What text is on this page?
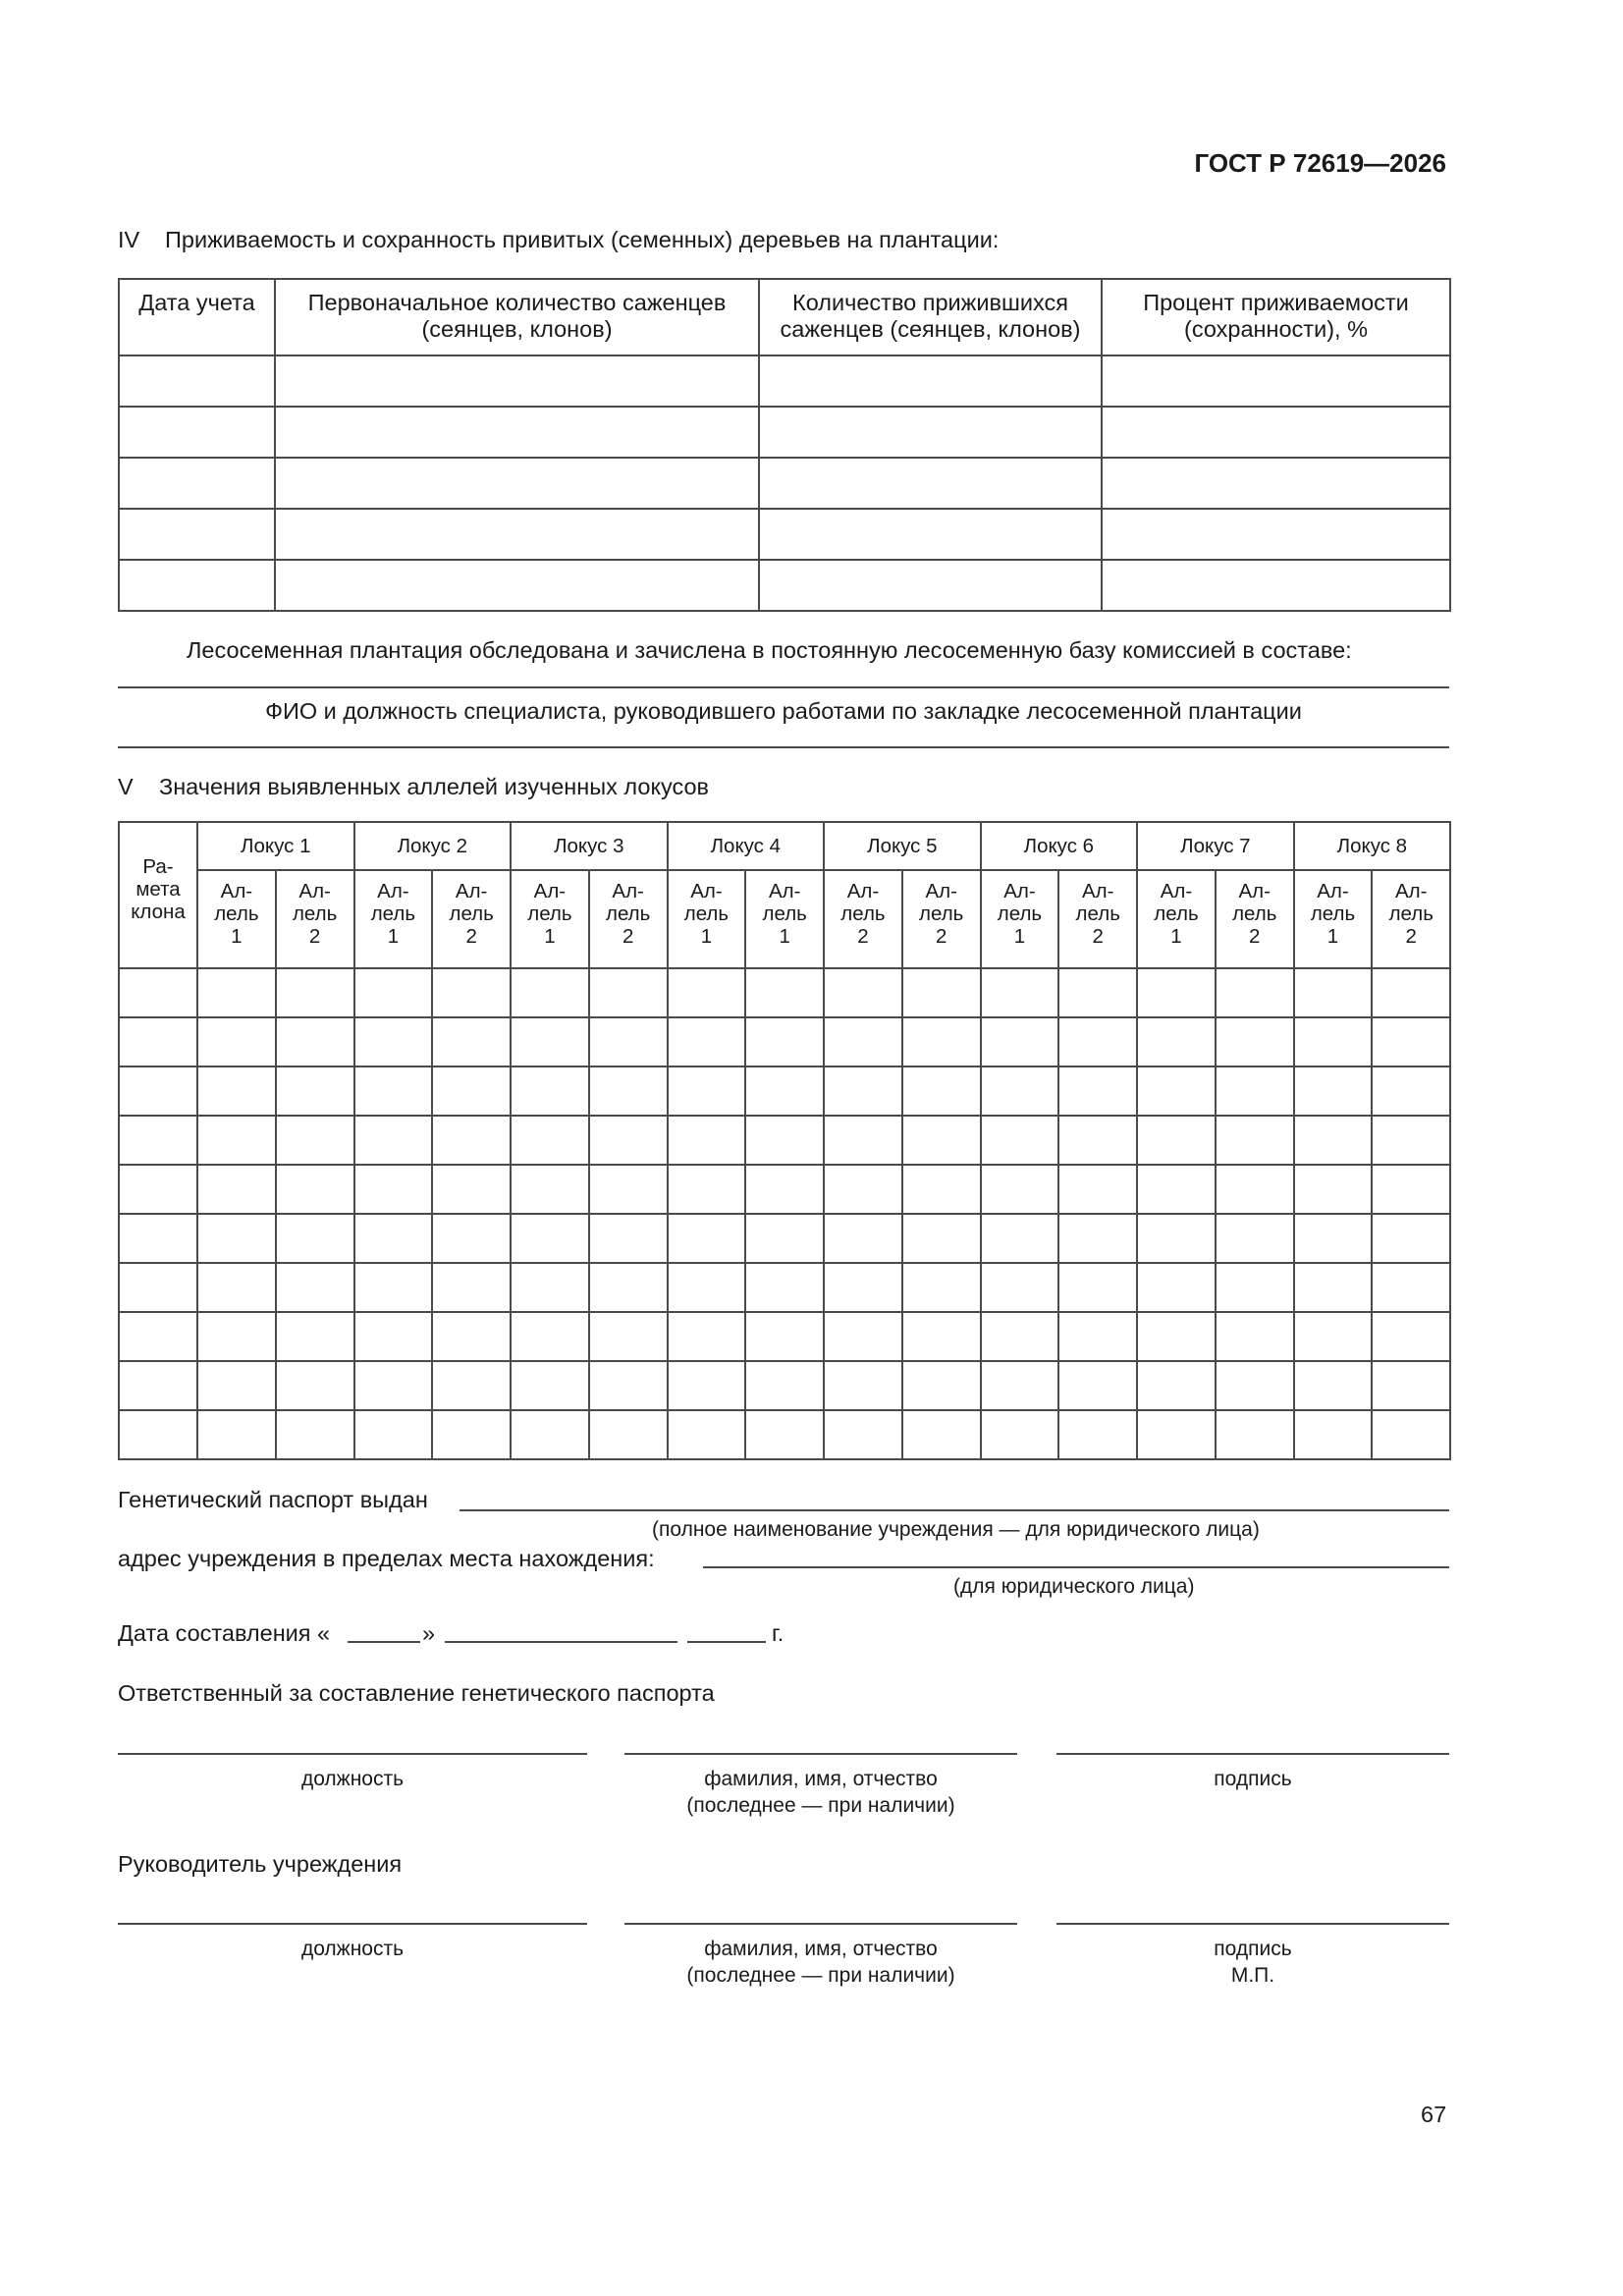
ГОСТ Р 72619—2026
IV Приживаемость и сохранность привитых (семенных) деревьев на плантации:
Дата учета	Первоначальное количество саженцев (сеянцев, клонов)	Количество прижившихся саженцев (сеянцев, клонов)	Процент приживаемости (сохранности), %

Лесосеменная плантация обследована и зачислена в постоянную лесосеменную базу комиссией в составе:
ФИО и должность специалиста, руководившего работами по закладке лесосеменной плантации
V Значения выявленных аллелей изученных локусов
Ра-
мета
клона	Локус 1		Локус 2		Локус 3		Локус 4		Локус 5		Локус 6		Локус 7		Локус 8	
	Ал-
лель
1	Ал-
лель
2	Ал-
лель
1	Ал-
лель
2	Ал-
лель
1	Ал-
лель
2	Ал-
лель
1	Ал-
лель
1	Ал-
лель
2	Ал-
лель
2	Ал-
лель
1	Ал-
лель
2	Ал-
лель
1	Ал-
лель
2	Ал-
лель
1	Ал-
лель
2

Генетический паспорт выдан
(полное наименование учреждения — для юридического лица)
адрес учреждения в пределах места нахождения:
(для юридического лица)
Дата составления «	»	г.
Ответственный за составление генетического паспорта
должность	фамилия, имя, отчество
(последнее — при наличии)
подпись
Руководитель учреждения
должность	фамилия, имя, отчество
(последнее — при наличии)
подпись
М.П.
67
